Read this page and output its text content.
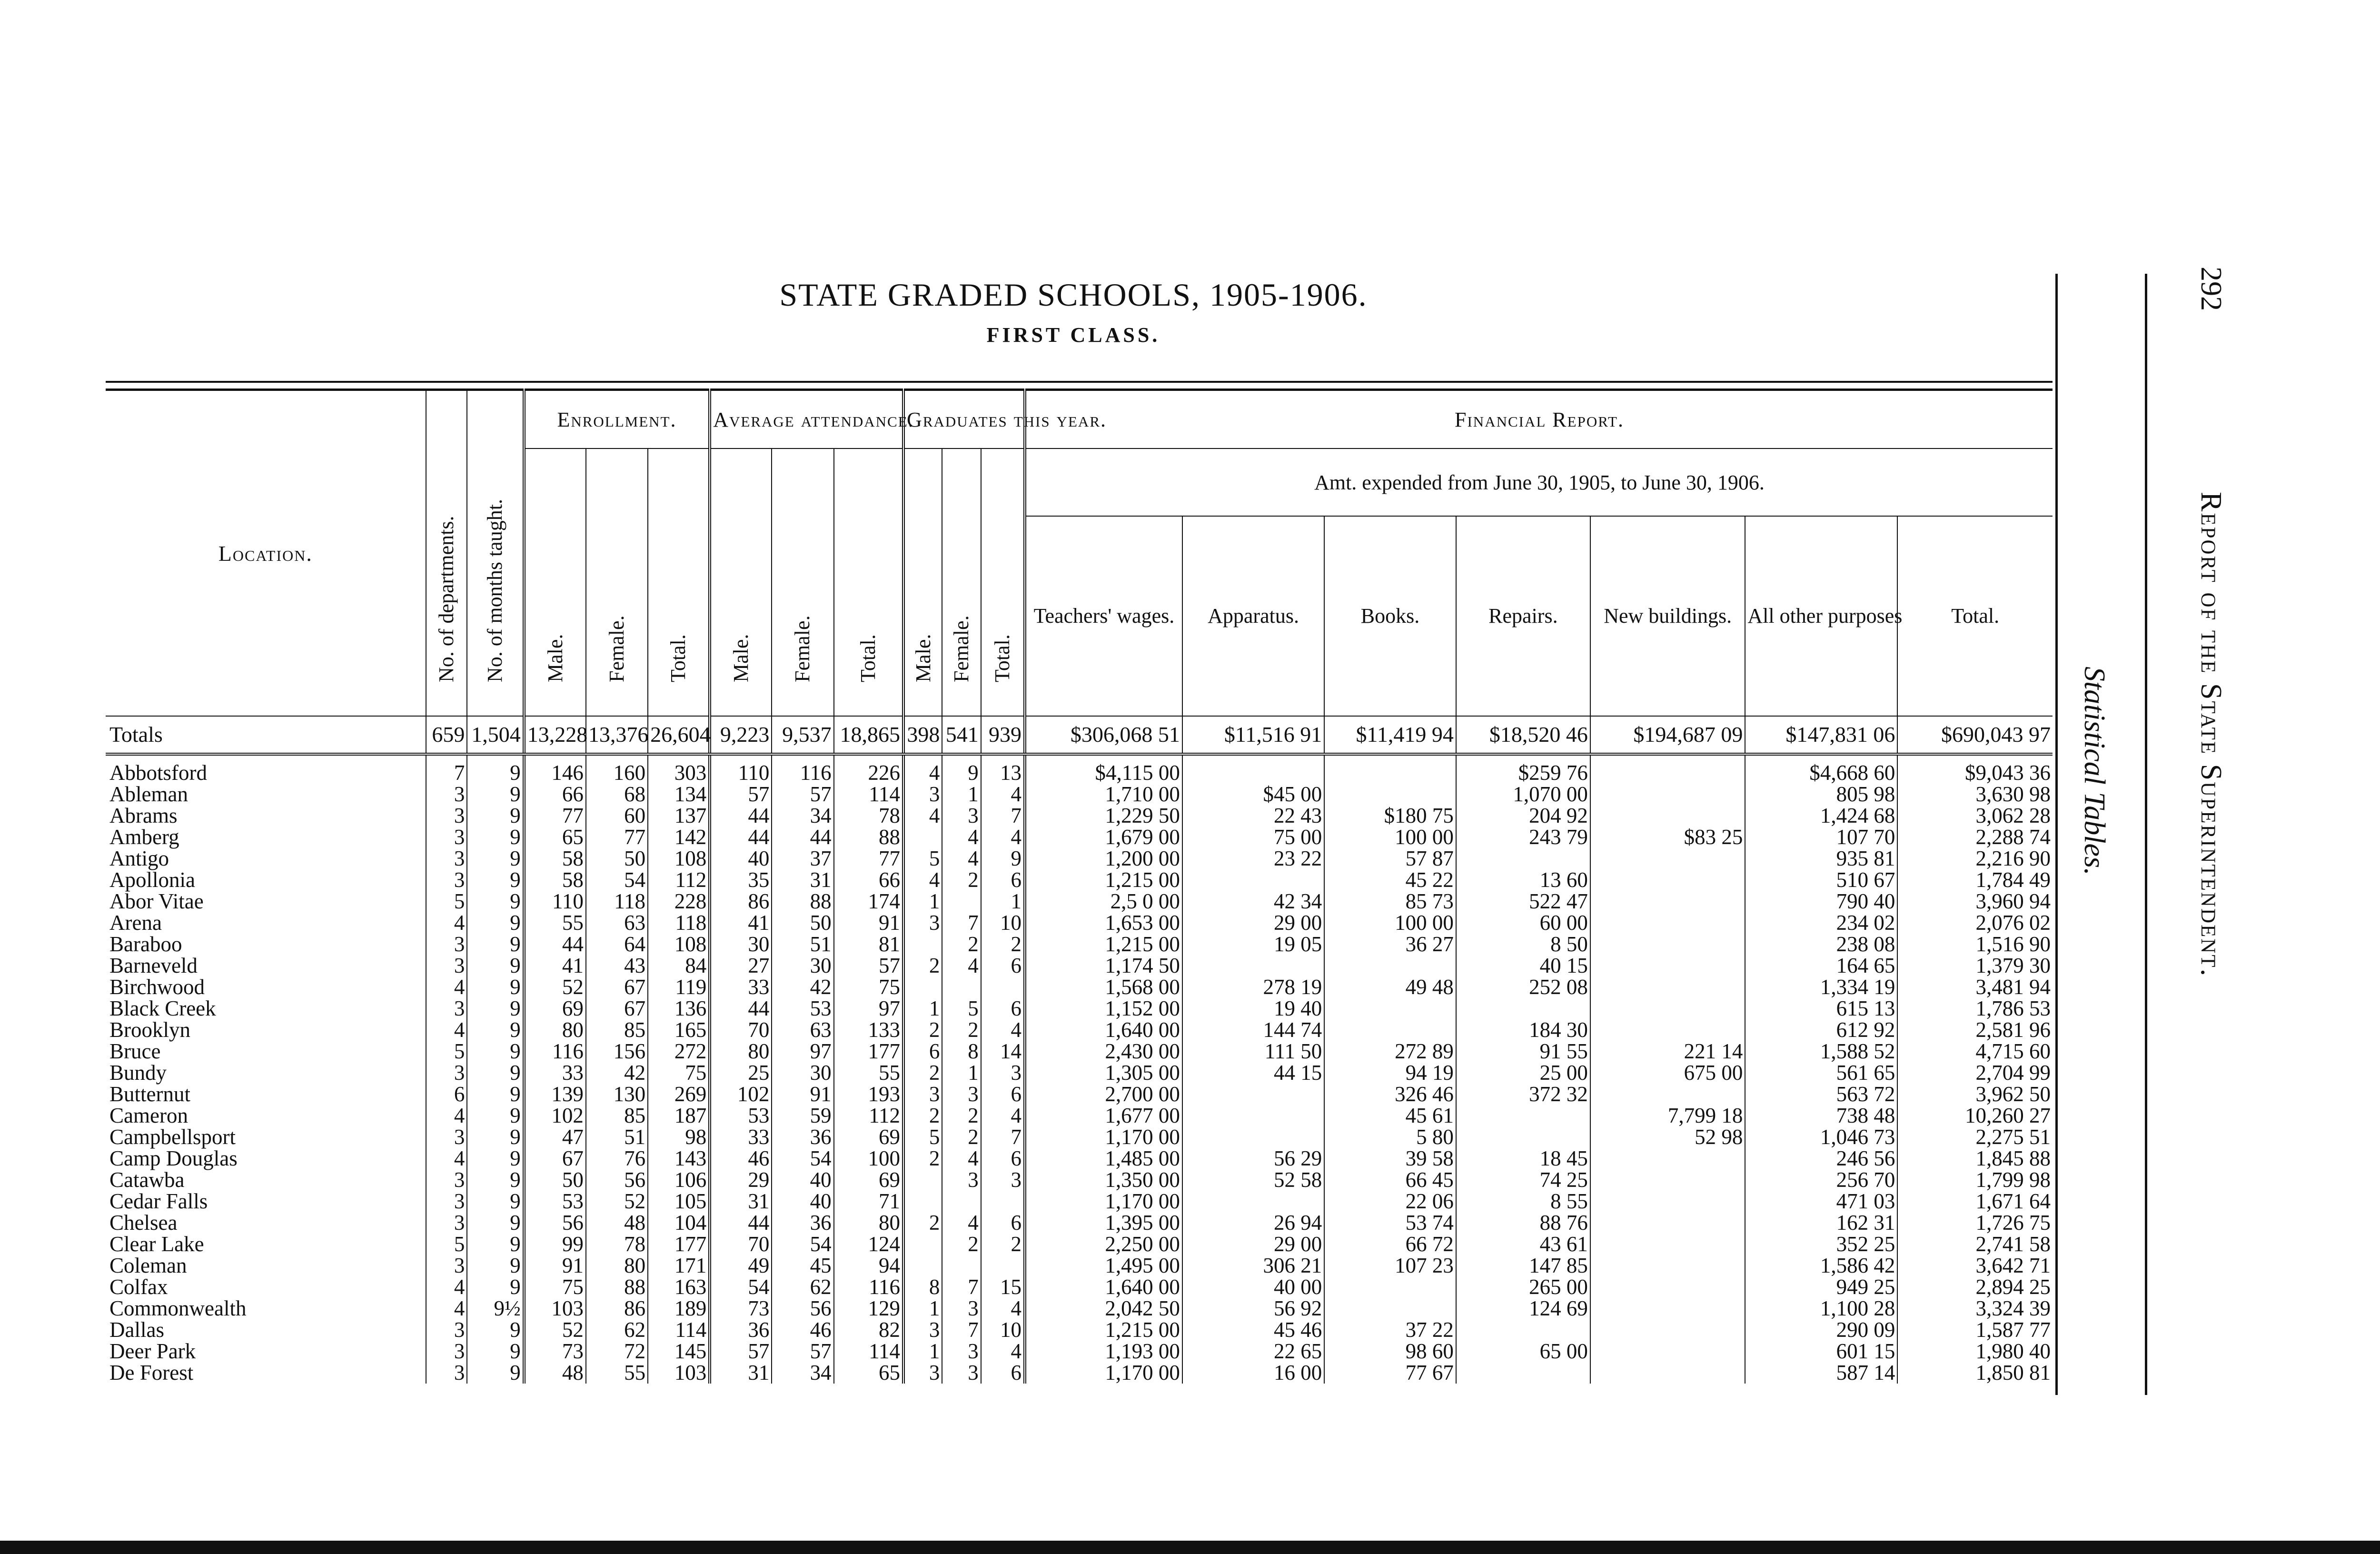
STATE GRADED SCHOOLS, 1905-1906.
FIRST CLASS.
292
Report of the State Superintendent.
Statistical Tables.
Location.	No. of departments.	No. of months taught.	Enrollment.			Average attendance.			Graduates this year.			Financial Report.						

			Male.	Female.	Total.	Male.	Female.	Total.	Male.	Female.	Total.	Amt. expended from June 30, 1905, to June 30, 1906.						
												Teachers' wages.	Apparatus.	Books.	Repairs.	New buildings.	All other purposes	Total.
Totals	659	1,504	13,228	13,376	26,604	9,223	9,537	18,865	398	541	939	$306,068 51	$11,516 91	$11,419 94	$18,520 46	$194,687 09	$147,831 06	$690,043 97
Abbotsford	7	9	146	160	303	110	116	226	4	9	13	$4,115 00			$259 76		$4,668 60	$9,043 36
Ableman	3	9	66	68	134	57	57	114	3	1	4	1,710 00	$45 00		1,070 00		805 98	3,630 98
Abrams	3	9	77	60	137	44	34	78	4	3	7	1,229 50	22 43	$180 75	204 92		1,424 68	3,062 28
Amberg	3	9	65	77	142	44	44	88		4	4	1,679 00	75 00	100 00	243 79	$83 25	107 70	2,288 74
Antigo	3	9	58	50	108	40	37	77	5	4	9	1,200 00	23 22	57 87			935 81	2,216 90
Apollonia	3	9	58	54	112	35	31	66	4	2	6	1,215 00		45 22	13 60		510 67	1,784 49
Abor Vitae	5	9	110	118	228	86	88	174	1		1	2,5 0 00	42 34	85 73	522 47		790 40	3,960 94
Arena	4	9	55	63	118	41	50	91	3	7	10	1,653 00	29 00	100 00	60 00		234 02	2,076 02
Baraboo	3	9	44	64	108	30	51	81		2	2	1,215 00	19 05	36 27	8 50		238 08	1,516 90
Barneveld	3	9	41	43	84	27	30	57	2	4	6	1,174 50			40 15		164 65	1,379 30
Birchwood	4	9	52	67	119	33	42	75				1,568 00	278 19	49 48	252 08		1,334 19	3,481 94
Black Creek	3	9	69	67	136	44	53	97	1	5	6	1,152 00	19 40				615 13	1,786 53
Brooklyn	4	9	80	85	165	70	63	133	2	2	4	1,640 00	144 74		184 30		612 92	2,581 96
Bruce	5	9	116	156	272	80	97	177	6	8	14	2,430 00	111 50	272 89	91 55	221 14	1,588 52	4,715 60
Bundy	3	9	33	42	75	25	30	55	2	1	3	1,305 00	44 15	94 19	25 00	675 00	561 65	2,704 99
Butternut	6	9	139	130	269	102	91	193	3	3	6	2,700 00		326 46	372 32		563 72	3,962 50
Cameron	4	9	102	85	187	53	59	112	2	2	4	1,677 00		45 61		7,799 18	738 48	10,260 27
Campbellsport	3	9	47	51	98	33	36	69	5	2	7	1,170 00		5 80		52 98	1,046 73	2,275 51
Camp Douglas	4	9	67	76	143	46	54	100	2	4	6	1,485 00	56 29	39 58	18 45		246 56	1,845 88
Catawba	3	9	50	56	106	29	40	69		3	3	1,350 00	52 58	66 45	74 25		256 70	1,799 98
Cedar Falls	3	9	53	52	105	31	40	71				1,170 00		22 06	8 55		471 03	1,671 64
Chelsea	3	9	56	48	104	44	36	80	2	4	6	1,395 00	26 94	53 74	88 76		162 31	1,726 75
Clear Lake	5	9	99	78	177	70	54	124		2	2	2,250 00	29 00	66 72	43 61		352 25	2,741 58
Coleman	3	9	91	80	171	49	45	94				1,495 00	306 21	107 23	147 85		1,586 42	3,642 71
Colfax	4	9	75	88	163	54	62	116	8	7	15	1,640 00	40 00		265 00		949 25	2,894 25
Commonwealth	4	9½	103	86	189	73	56	129	1	3	4	2,042 50	56 92		124 69		1,100 28	3,324 39
Dallas	3	9	52	62	114	36	46	82	3	7	10	1,215 00	45 46	37 22			290 09	1,587 77
Deer Park	3	9	73	72	145	57	57	114	1	3	4	1,193 00	22 65	98 60	65 00		601 15	1,980 40
De Forest	3	9	48	55	103	31	34	65	3	3	6	1,170 00	16 00	77 67			587 14	1,850 81
